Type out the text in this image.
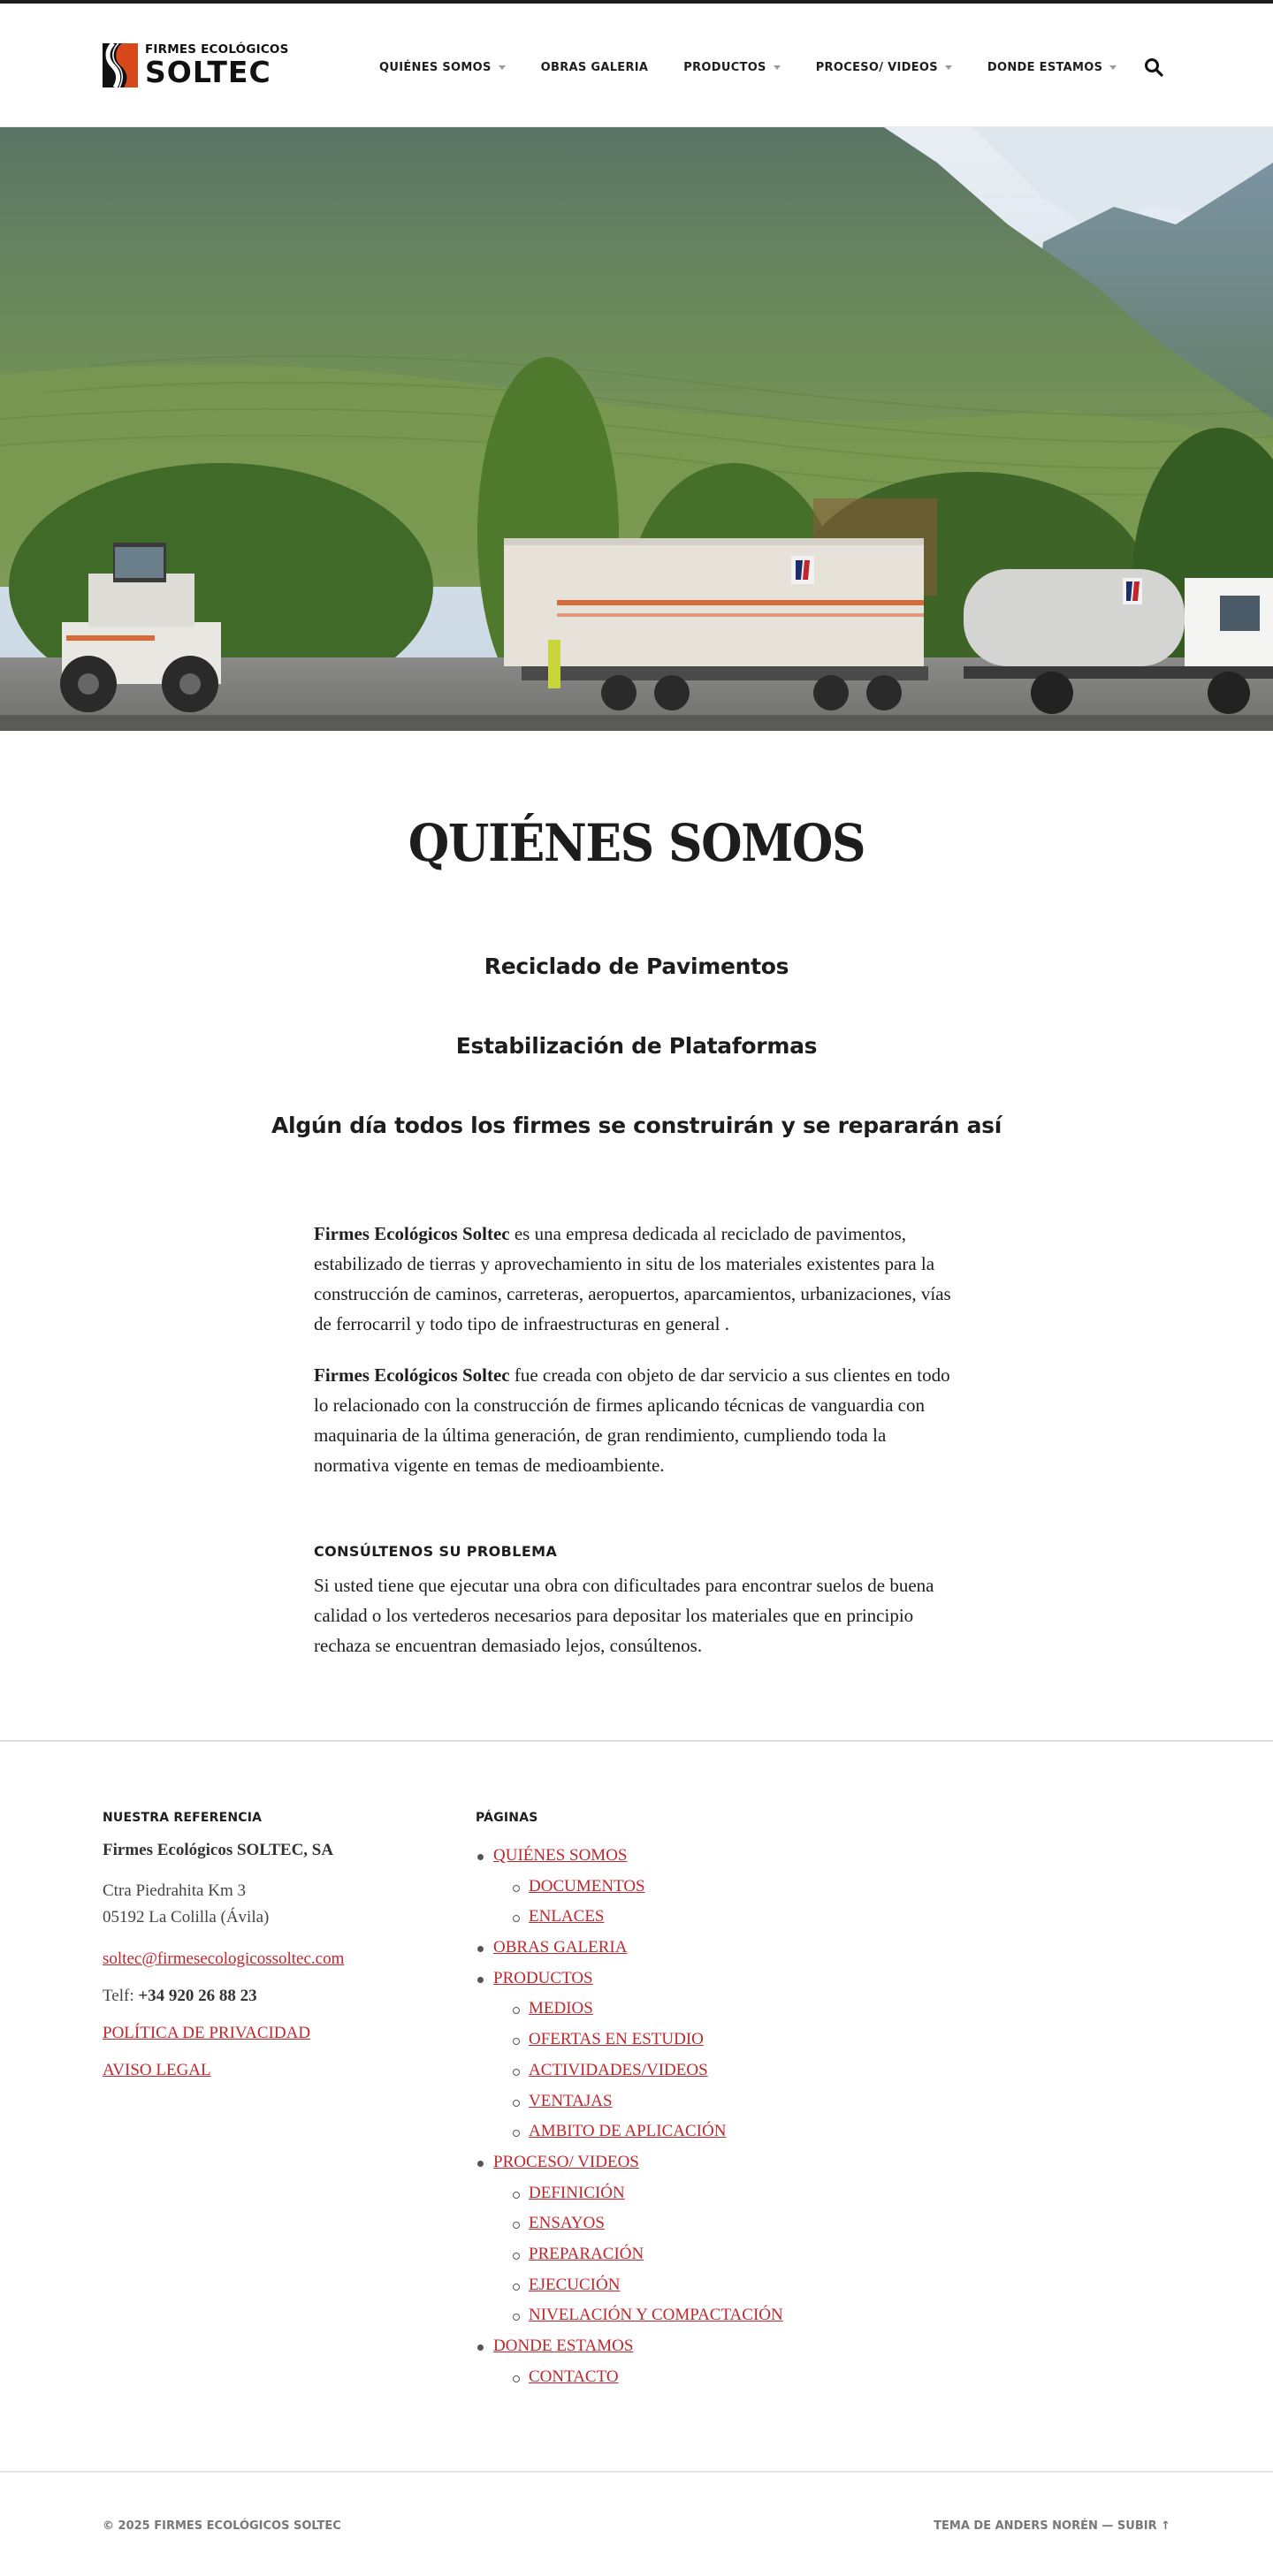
FIRMES ECOLÓGICOS
SOLTEC	QUIÉNES SOMOS	OBRAS GALERIA	PRODUCTOS	PROCESO/ VIDEOS	DONDE ESTAMOS
QUIÉNES SOMOS
Reciclado de Pavimentos
Estabilización de Plataformas
Algún día todos los firmes se construirán y se repararán así

Firmes Ecológicos Soltec es una empresa dedicada al reciclado de pavimentos, estabilizado de tierras y aprovechamiento in situ de los materiales existentes para la construcción de caminos, carreteras, aeropuertos, aparcamientos, urbanizaciones, vías de ferrocarril y todo tipo de infraestructuras en general .

Firmes Ecológicos Soltec fue creada con objeto de dar servicio a sus clientes en todo lo relacionado con la construcción de firmes aplicando técnicas de vanguardia con maquinaria de la última generación, de gran rendimiento, cumpliendo toda la normativa vigente en temas de medioambiente.

CONSÚLTENOS SU PROBLEMA

Si usted tiene que ejecutar una obra con dificultades para encontrar suelos de buena calidad o los vertederos necesarios para depositar los materiales que en principio rechaza se encuentran demasiado lejos, consúltenos.

NUESTRA REFERENCIA
Firmes Ecológicos SOLTEC, SA
Ctra Piedrahita Km 3
05192 La Colilla (Ávila)
soltec@firmesecologicossoltec.com
Telf: +34 920 26 88 23
POLÍTICA DE PRIVACIDAD
AVISO LEGAL
PÁGINAS
QUIÉNES SOMOS
DOCUMENTOS
ENLACES
OBRAS GALERIA
PRODUCTOS
MEDIOS
OFERTAS EN ESTUDIO
ACTIVIDADES/VIDEOS
VENTAJAS
AMBITO DE APLICACIÓN
PROCESO/ VIDEOS
DEFINICIÓN
ENSAYOS
PREPARACIÓN
EJECUCIÓN
NIVELACIÓN Y COMPACTACIÓN
DONDE ESTAMOS
CONTACTO
© 2025 FIRMES ECOLÓGICOS SOLTEC	TEMA DE ANDERS NORÉN — SUBIR ↑
